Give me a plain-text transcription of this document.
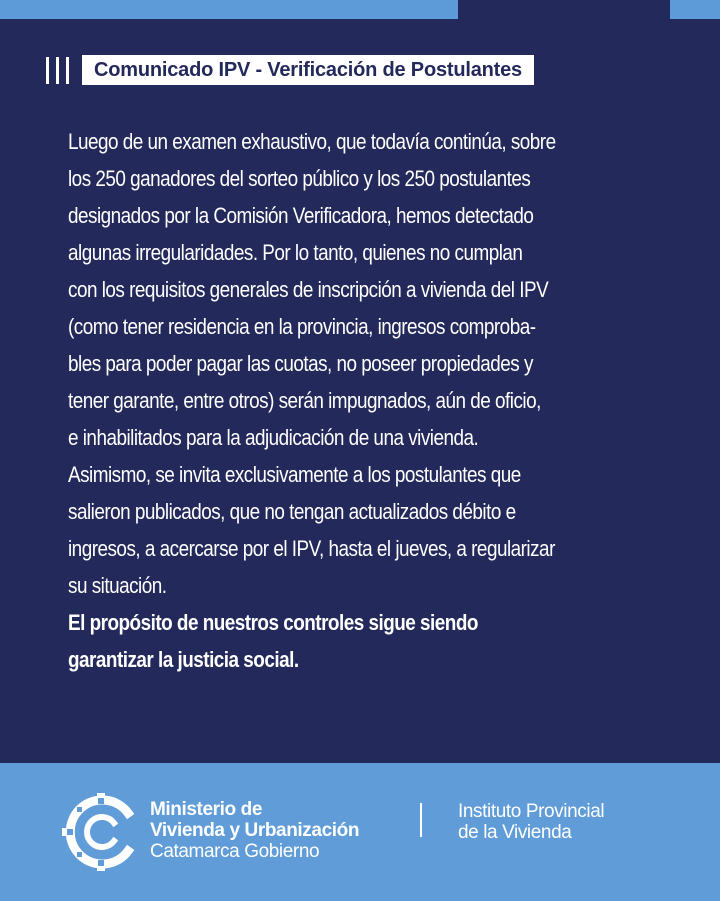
Comunicado IPV - Verificación de Postulantes
Luego de un examen exhaustivo, que todavía continúa, sobre
los 250 ganadores del sorteo público y los 250 postulantes
designados por la Comisión Verificadora, hemos detectado
algunas irregularidades. Por lo tanto, quienes no cumplan
con los requisitos generales de inscripción a vivienda del IPV
(como tener residencia en la provincia, ingresos comproba-
bles para poder pagar las cuotas, no poseer propiedades y
tener garante, entre otros) serán impugnados, aún de oficio,
e inhabilitados para la adjudicación de una vivienda.
Asimismo, se invita exclusivamente a los postulantes que
salieron publicados, que no tengan actualizados débito e
ingresos, a acercarse por el IPV, hasta el jueves, a regularizar
su situación.
El propósito de nuestros controles sigue siendo
garantizar la justicia social.
Ministerio de
Vivienda y Urbanización
Catamarca Gobierno
Instituto Provincial
de la Vivienda
